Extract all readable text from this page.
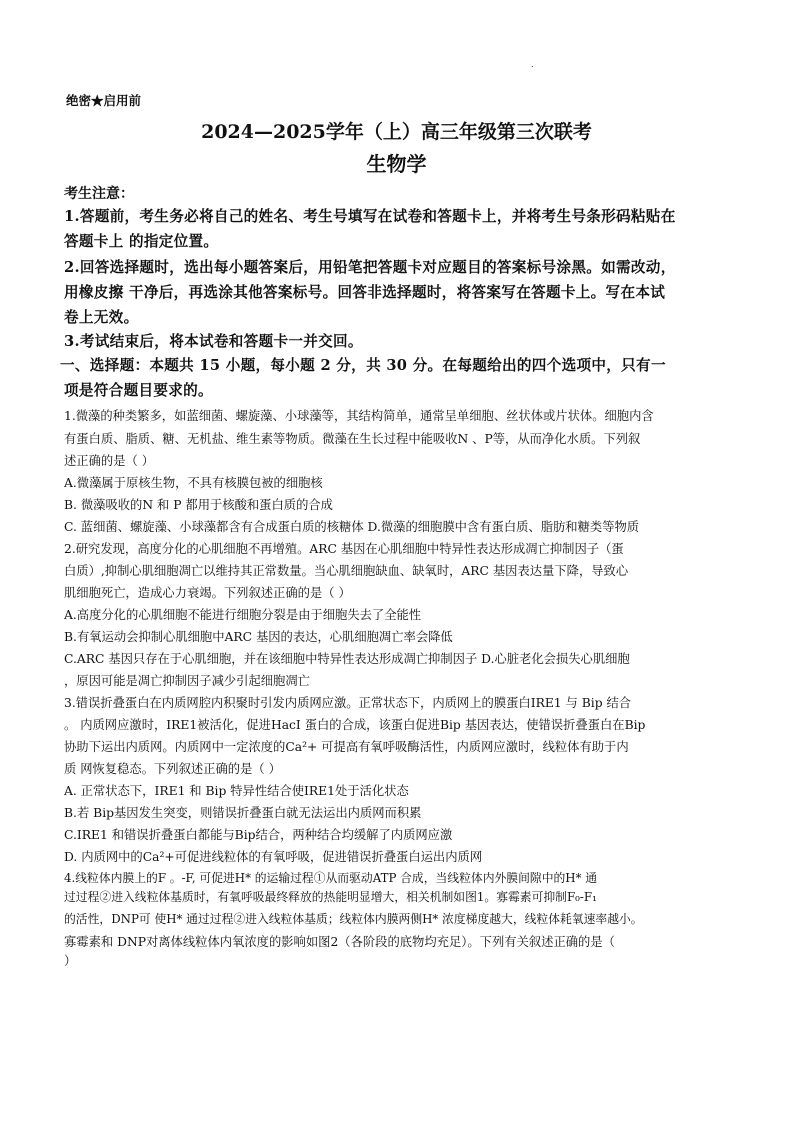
.
绝密★启用前
2024—2025学年（上）高三年级第三次联考
生物学
考生注意：
1.答题前，考生务必将自己的姓名、考生号填写在试卷和答题卡上，并将考生号条形码粘贴在
答题卡上 的指定位置。
2.回答选择题时，选出每小题答案后，用铅笔把答题卡对应题目的答案标号涂黑。如需改动，
用橡皮擦 干净后，再选涂其他答案标号。回答非选择题时，将答案写在答题卡上。写在本试
卷上无效。
3.考试结束后，将本试卷和答题卡一并交回。
一、选择题：本题共 15 小题，每小题 2 分，共 30 分。在每题给出的四个选项中，只有一
项是符合题目要求的。
1.微藻的种类繁多，如蓝细菌、螺旋藻、小球藻等，其结构简单，通常呈单细胞、丝状体或片状体。细胞内含
有蛋白质、脂质、糖、无机盐、维生素等物质。微藻在生长过程中能吸收N 、P等，从而净化水质。下列叙
述正确的是（ ）
A.微藻属于原核生物，不具有核膜包被的细胞核
B. 微藻吸收的N 和 P 都用于核酸和蛋白质的合成
C. 蓝细菌、螺旋藻、小球藻都含有合成蛋白质的核糖体 D.微藻的细胞膜中含有蛋白质、脂肪和糖类等物质
2.研究发现，高度分化的心肌细胞不再增殖。ARC 基因在心肌细胞中特异性表达形成凋亡抑制因子（蛋
白质）,抑制心肌细胞凋亡以维持其正常数量。当心肌细胞缺血、缺氧时，ARC 基因表达量下降，导致心
肌细胞死亡，造成心力衰竭。下列叙述正确的是（ ）
A.高度分化的心肌细胞不能进行细胞分裂是由于细胞失去了全能性
B.有氧运动会抑制心肌细胞中ARC 基因的表达，心肌细胞凋亡率会降低
C.ARC 基因只存在于心肌细胞，并在该细胞中特异性表达形成凋亡抑制因子 D.心脏老化会损失心肌细胞
，原因可能是凋亡抑制因子减少引起细胞凋亡
3.错误折叠蛋白在内质网腔内积聚时引发内质网应激。正常状态下，内质网上的膜蛋白IRE1 与 Bip 结合
。 内质网应激时，IRE1被活化，促进HacI 蛋白的合成，该蛋白促进Bip 基因表达，使错误折叠蛋白在Bip
协助下运出内质网。内质网中一定浓度的Ca²+ 可提高有氧呼吸酶活性，内质网应激时，线粒体有助于内
质 网恢复稳态。下列叙述正确的是（ ）
A. 正常状态下，IRE1 和 Bip 特异性结合使IRE1处于活化状态
B.若 Bip基因发生突变，则错误折叠蛋白就无法运出内质网而积累
C.IRE1 和错误折叠蛋白都能与Bip结合，两种结合均缓解了内质网应激
D. 内质网中的Ca²+可促进线粒体的有氧呼吸，促进错误折叠蛋白运出内质网
4.线粒体内膜上的F 。-F, 可促进H* 的运输过程①从而驱动ATP 合成，当线粒体内外膜间隙中的H* 通
过过程②进入线粒体基质时，有氧呼吸最终释放的热能明显增大，相关机制如图1。寡霉素可抑制F₀-F₁
的活性，DNP可 使H* 通过过程②进入线粒体基质；线粒体内膜两侧H* 浓度梯度越大，线粒体耗氧速率越小。
寡霉素和 DNP对离体线粒体内氧浓度的影响如图2（各阶段的底物均充足）。下列有关叙述正确的是（
）
